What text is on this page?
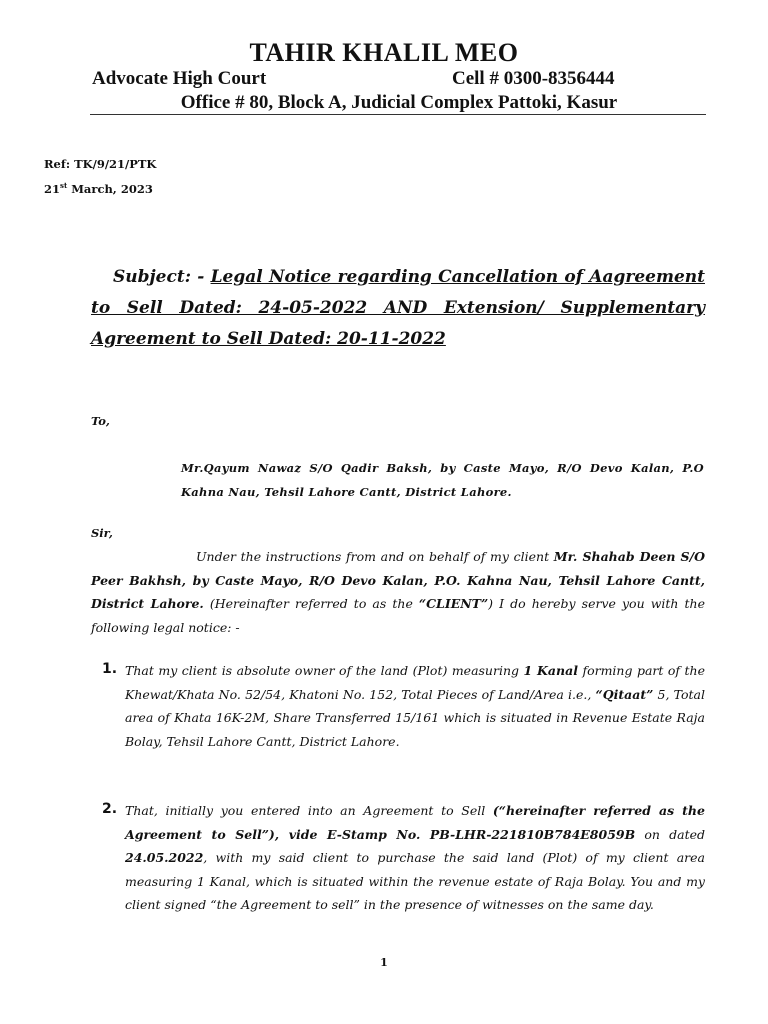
TAHIR KHALIL MEO
Advocate High Court	Cell # 0300-8356444
Office # 80, Block A, Judicial Complex Pattoki, Kasur
Ref: TK/9/21/PTK
21st March, 2023
Subject: - Legal Notice regarding Cancellation of Aagreement to Sell Dated: 24-05-2022 AND Extension/ Supplementary Agreement to Sell Dated: 20-11-2022
To,
Mr.Qayum Nawaz S/O Qadir Baksh, by Caste Mayo, R/O Devo Kalan, P.O Kahna Nau, Tehsil Lahore Cantt, District Lahore.
Sir,
Under the instructions from and on behalf of my client Mr. Shahab Deen S/O Peer Bakhsh, by Caste Mayo, R/O Devo Kalan, P.O. Kahna Nau, Tehsil Lahore Cantt, District Lahore. (Hereinafter referred to as the “CLIENT”) I do hereby serve you with the following legal notice: -
1. That my client is absolute owner of the land (Plot) measuring 1 Kanal forming part of the Khewat/Khata No. 52/54, Khatoni No. 152, Total Pieces of Land/Area i.e., “Qitaat” 5, Total area of Khata 16K-2M, Share Transferred 15/161 which is situated in Revenue Estate Raja Bolay, Tehsil Lahore Cantt, District Lahore.
2. That, initially you entered into an Agreement to Sell (“hereinafter referred as the Agreement to Sell”), vide E-Stamp No. PB-LHR-221810B784E8059B on dated 24.05.2022, with my said client to purchase the said land (Plot) of my client area measuring 1 Kanal, which is situated within the revenue estate of Raja Bolay. You and my client signed “the Agreement to sell” in the presence of witnesses on the same day.
1
